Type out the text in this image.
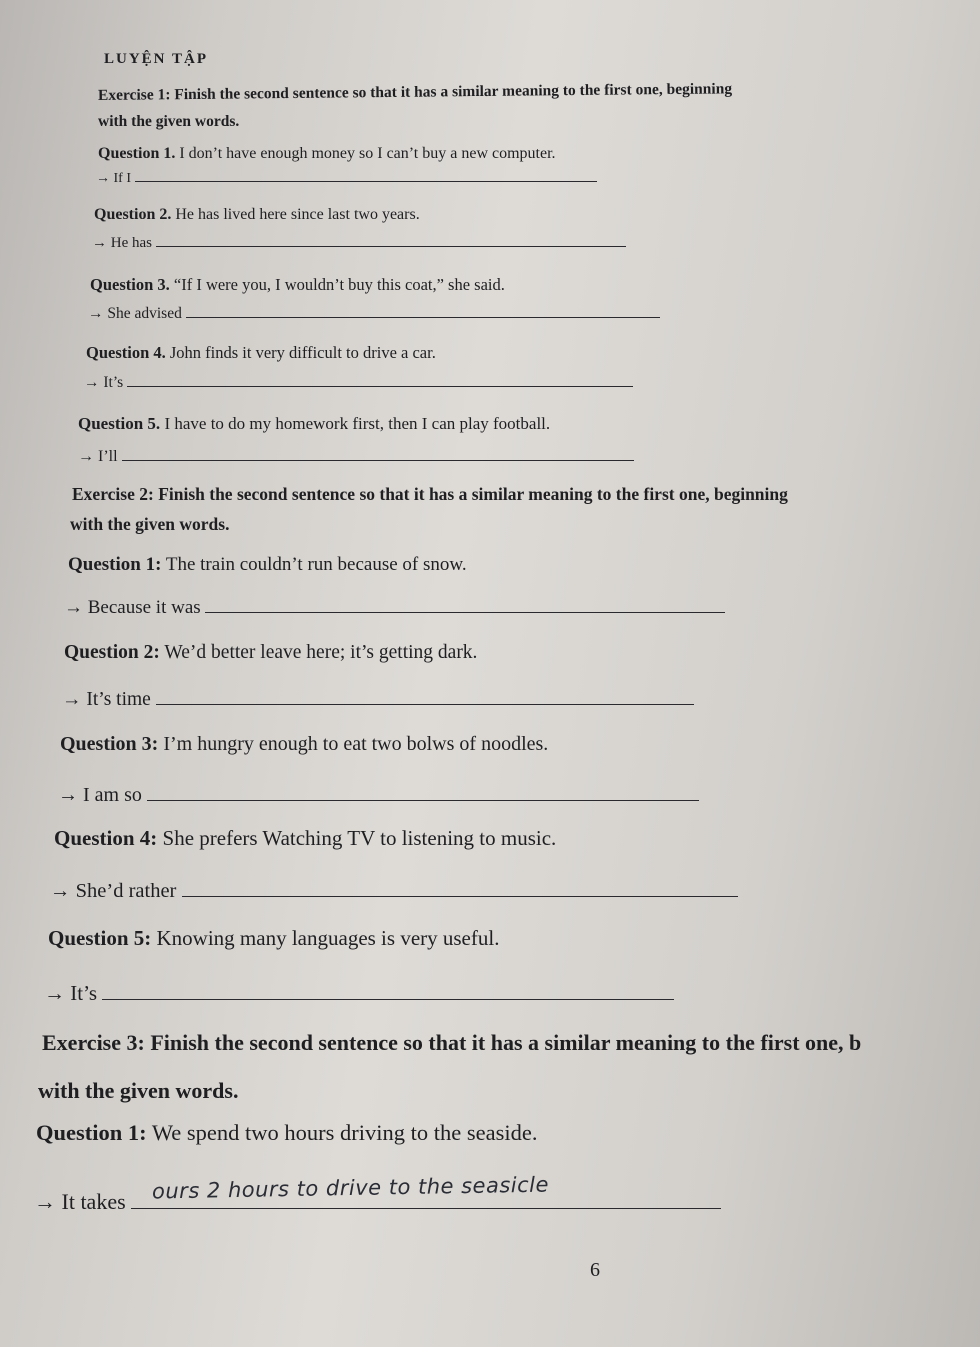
LUYỆN TẬP
Exercise 1: Finish the second sentence so that it has a similar meaning to the first one, beginning
with the given words.
Question 1. I don’t have enough money so I can’t buy a new computer.
→ If I
Question 2. He has lived here since last two years.
→ He has
Question 3. “If I were you, I wouldn’t buy this coat,” she said.
→ She advised
Question 4. John finds it very difficult to drive a car.
→ It’s
Question 5. I have to do my homework first, then I can play football.
→ I’ll
Exercise 2: Finish the second sentence so that it has a similar meaning to the first one, beginning
with the given words.
Question 1: The train couldn’t run because of snow.
→ Because it was
Question 2: We’d better leave here; it’s getting dark.
→ It’s time
Question 3: I’m hungry enough to eat two bolws of noodles.
→ I am so
Question 4: She prefers Watching TV to listening to music.
→ She’d rather
Question 5: Knowing many languages is very useful.
→ It’s
Exercise 3: Finish the second sentence so that it has a similar meaning to the first one, b
with the given words.
Question 1: We spend two hours driving to the seaside.
→ It takes	ours 2 hours to drive to the seasicle
6
